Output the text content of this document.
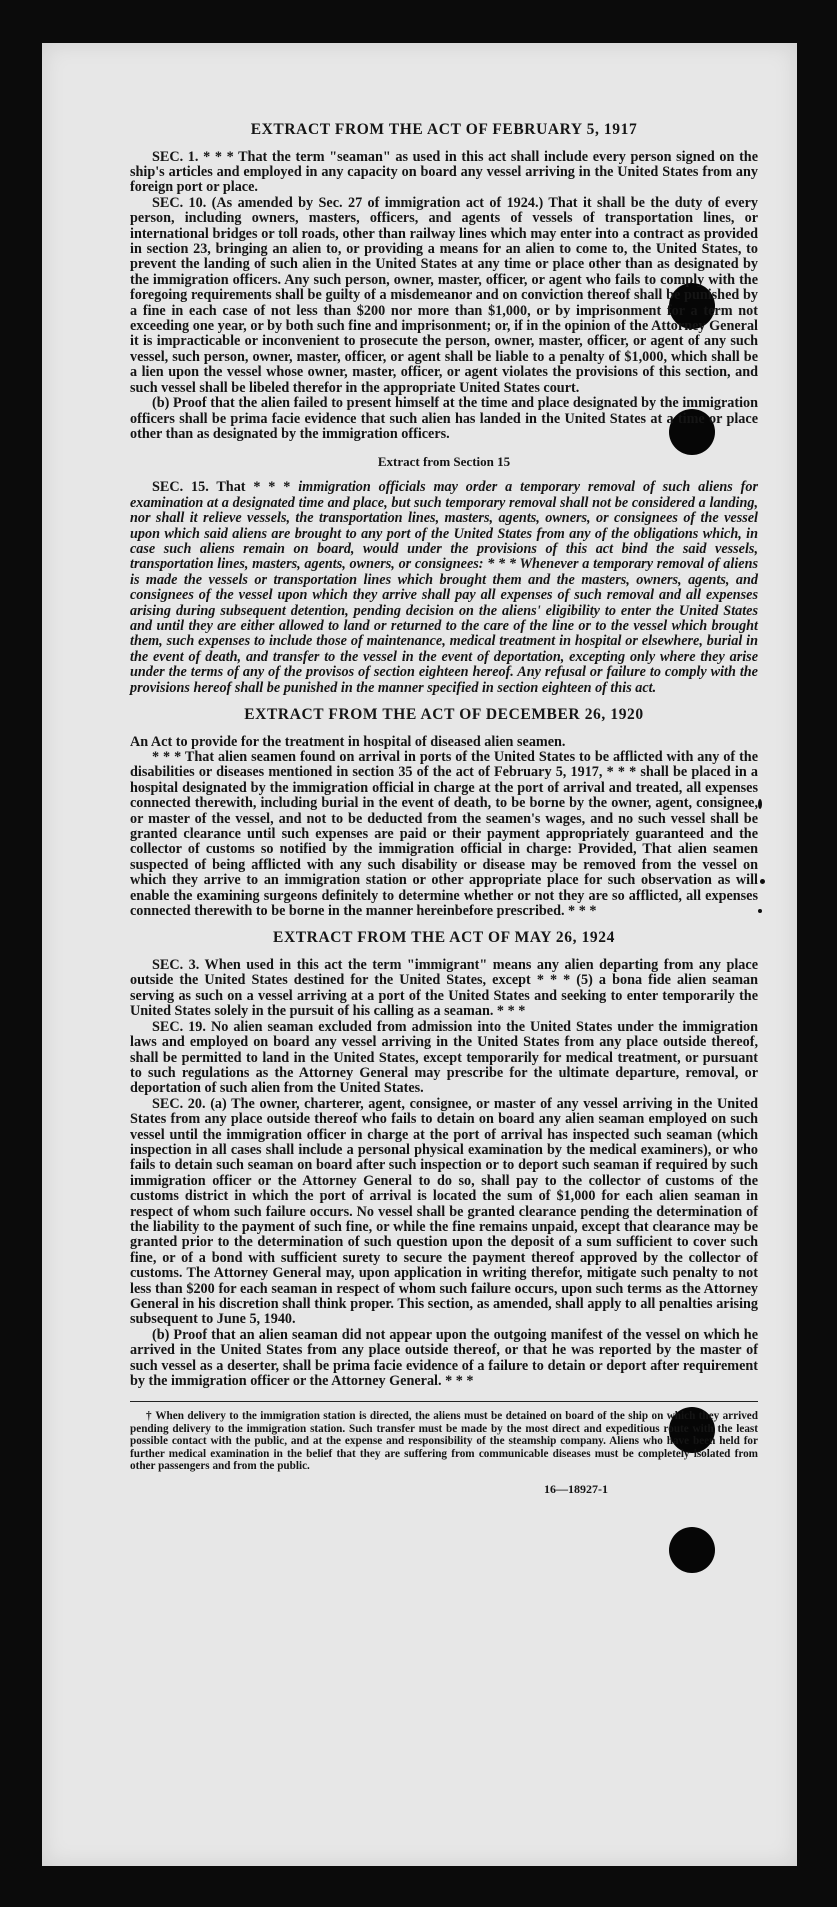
EXTRACT FROM THE ACT OF FEBRUARY 5, 1917

SEC. 1. * * * That the term "seaman" as used in this act shall include every person signed on the ship's articles and employed in any capacity on board any vessel arriving in the United States from any foreign port or place.

SEC. 10. (As amended by Sec. 27 of immigration act of 1924.) That it shall be the duty of every person, including owners, masters, officers, and agents of vessels of transportation lines, or international bridges or toll roads, other than railway lines which may enter into a contract as provided in section 23, bringing an alien to, or providing a means for an alien to come to, the United States, to prevent the landing of such alien in the United States at any time or place other than as designated by the immigration officers. Any such person, owner, master, officer, or agent who fails to comply with the foregoing requirements shall be guilty of a misdemeanor and on conviction thereof shall be punished by a fine in each case of not less than $200 nor more than $1,000, or by imprisonment for a term not exceeding one year, or by both such fine and imprisonment; or, if in the opinion of the Attorney General it is impracticable or inconvenient to prosecute the person, owner, master, officer, or agent of any such vessel, such person, owner, master, officer, or agent shall be liable to a penalty of $1,000, which shall be a lien upon the vessel whose owner, master, officer, or agent violates the provisions of this section, and such vessel shall be libeled therefor in the appropriate United States court.

(b) Proof that the alien failed to present himself at the time and place designated by the immigration officers shall be prima facie evidence that such alien has landed in the United States at a time or place other than as designated by the immigration officers.

Extract from Section 15

SEC. 15. That * * * immigration officials may order a temporary removal of such aliens for examination at a designated time and place, but such temporary removal shall not be considered a landing, nor shall it relieve vessels, the transportation lines, masters, agents, owners, or consignees of the vessel upon which said aliens are brought to any port of the United States from any of the obligations which, in case such aliens remain on board, would under the provisions of this act bind the said vessels, transportation lines, masters, agents, owners, or consignees: * * * Whenever a temporary removal of aliens is made the vessels or transportation lines which brought them and the masters, owners, agents, and consignees of the vessel upon which they arrive shall pay all expenses of such removal and all expenses arising during subsequent detention, pending decision on the aliens' eligibility to enter the United States and until they are either allowed to land or returned to the care of the line or to the vessel which brought them, such expenses to include those of maintenance, medical treatment in hospital or elsewhere, burial in the event of death, and transfer to the vessel in the event of deportation, excepting only where they arise under the terms of any of the provisos of section eighteen hereof. Any refusal or failure to comply with the provisions hereof shall be punished in the manner specified in section eighteen of this act.

EXTRACT FROM THE ACT OF DECEMBER 26, 1920

An Act to provide for the treatment in hospital of diseased alien seamen.

* * * That alien seamen found on arrival in ports of the United States to be afflicted with any of the disabilities or diseases mentioned in section 35 of the act of February 5, 1917, * * * shall be placed in a hospital designated by the immigration official in charge at the port of arrival and treated, all expenses connected therewith, including burial in the event of death, to be borne by the owner, agent, consignee, or master of the vessel, and not to be deducted from the seamen's wages, and no such vessel shall be granted clearance until such expenses are paid or their payment appropriately guaranteed and the collector of customs so notified by the immigration official in charge: Provided, That alien seamen suspected of being afflicted with any such disability or disease may be removed from the vessel on which they arrive to an immigration station or other appropriate place for such observation as will enable the examining surgeons definitely to determine whether or not they are so afflicted, all expenses connected therewith to be borne in the manner hereinbefore prescribed. * * *

EXTRACT FROM THE ACT OF MAY 26, 1924

SEC. 3. When used in this act the term "immigrant" means any alien departing from any place outside the United States destined for the United States, except * * * (5) a bona fide alien seaman serving as such on a vessel arriving at a port of the United States and seeking to enter temporarily the United States solely in the pursuit of his calling as a seaman. * * *

SEC. 19. No alien seaman excluded from admission into the United States under the immigration laws and employed on board any vessel arriving in the United States from any place outside thereof, shall be permitted to land in the United States, except temporarily for medical treatment, or pursuant to such regulations as the Attorney General may prescribe for the ultimate departure, removal, or deportation of such alien from the United States.

SEC. 20. (a) The owner, charterer, agent, consignee, or master of any vessel arriving in the United States from any place outside thereof who fails to detain on board any alien seaman employed on such vessel until the immigration officer in charge at the port of arrival has inspected such seaman (which inspection in all cases shall include a personal physical examination by the medical examiners), or who fails to detain such seaman on board after such inspection or to deport such seaman if required by such immigration officer or the Attorney General to do so, shall pay to the collector of customs of the customs district in which the port of arrival is located the sum of $1,000 for each alien seaman in respect of whom such failure occurs. No vessel shall be granted clearance pending the determination of the liability to the payment of such fine, or while the fine remains unpaid, except that clearance may be granted prior to the determination of such question upon the deposit of a sum sufficient to cover such fine, or of a bond with sufficient surety to secure the payment thereof approved by the collector of customs. The Attorney General may, upon application in writing therefor, mitigate such penalty to not less than $200 for each seaman in respect of whom such failure occurs, upon such terms as the Attorney General in his discretion shall think proper. This section, as amended, shall apply to all penalties arising subsequent to June 5, 1940.

(b) Proof that an alien seaman did not appear upon the outgoing manifest of the vessel on which he arrived in the United States from any place outside thereof, or that he was reported by the master of such vessel as a deserter, shall be prima facie evidence of a failure to detain or deport after requirement by the immigration officer or the Attorney General. * * *

† When delivery to the immigration station is directed, the aliens must be detained on board of the ship on which they arrived pending delivery to the immigration station. Such transfer must be made by the most direct and expeditious route with the least possible contact with the public, and at the expense and responsibility of the steamship company. Aliens who have been held for further medical examination in the belief that they are suffering from communicable diseases must be completely isolated from other passengers and from the public.

16—18927-1
